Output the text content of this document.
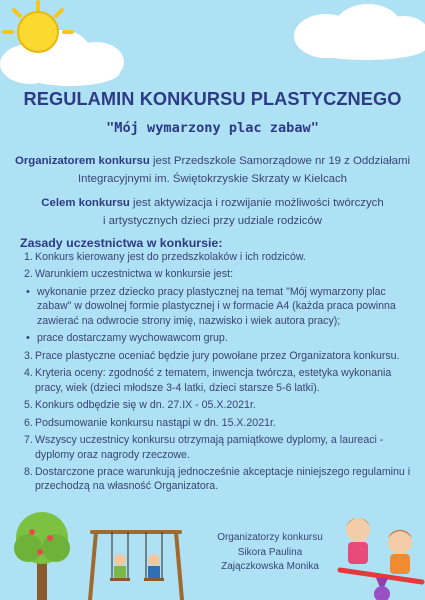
REGULAMIN KONKURSU PLASTYCZNEGO
"Mój wymarzony plac zabaw"
Organizatorem konkursu jest Przedszkole Samorządowe nr 19 z Oddziałami
Integracyjnymi im. Świętokrzyskie Skrzaty w Kielcach
Celem konkursu jest aktywizacja i rozwijanie możliwości twórczych
i artystycznych dzieci przy udziale rodziców
Zasady uczestnictwa w konkursie:
1. Konkurs kierowany jest do przedszkolaków i ich rodziców.
2. Warunkiem uczestnictwa w konkursie jest:
• wykonanie przez dziecko pracy plastycznej na temat "Mój wymarzony plac zabaw" w dowolnej formie plastycznej i w formacie A4 (każda praca powinna zawierać na odwrocie strony imię, nazwisko i wiek autora pracy);
• prace dostarczamy wychowawcom grup.
3. Prace plastyczne oceniać będzie jury powołane przez Organizatora konkursu.
4. Kryteria oceny: zgodność z tematem, inwencja twórcza, estetyka wykonania pracy, wiek (dzieci młodsze 3-4 latki, dzieci starsze 5-6 latki).
5. Konkurs odbędzie się w dn. 27.IX - 05.X.2021r.
6. Podsumowanie konkursu nastąpi w dn. 15.X.2021r.
7. Wszyscy uczestnicy konkursu otrzymają pamiątkowe dyplomy, a laureaci - dyplomy oraz nagrody rzeczowe.
8. Dostarczone prace warunkują jednocześnie akceptacje niniejszego regulaminu i przechodzą na własność Organizatora.
Organizatorzy konkursu
Sikora Paulina
Zajączkowska Monika
